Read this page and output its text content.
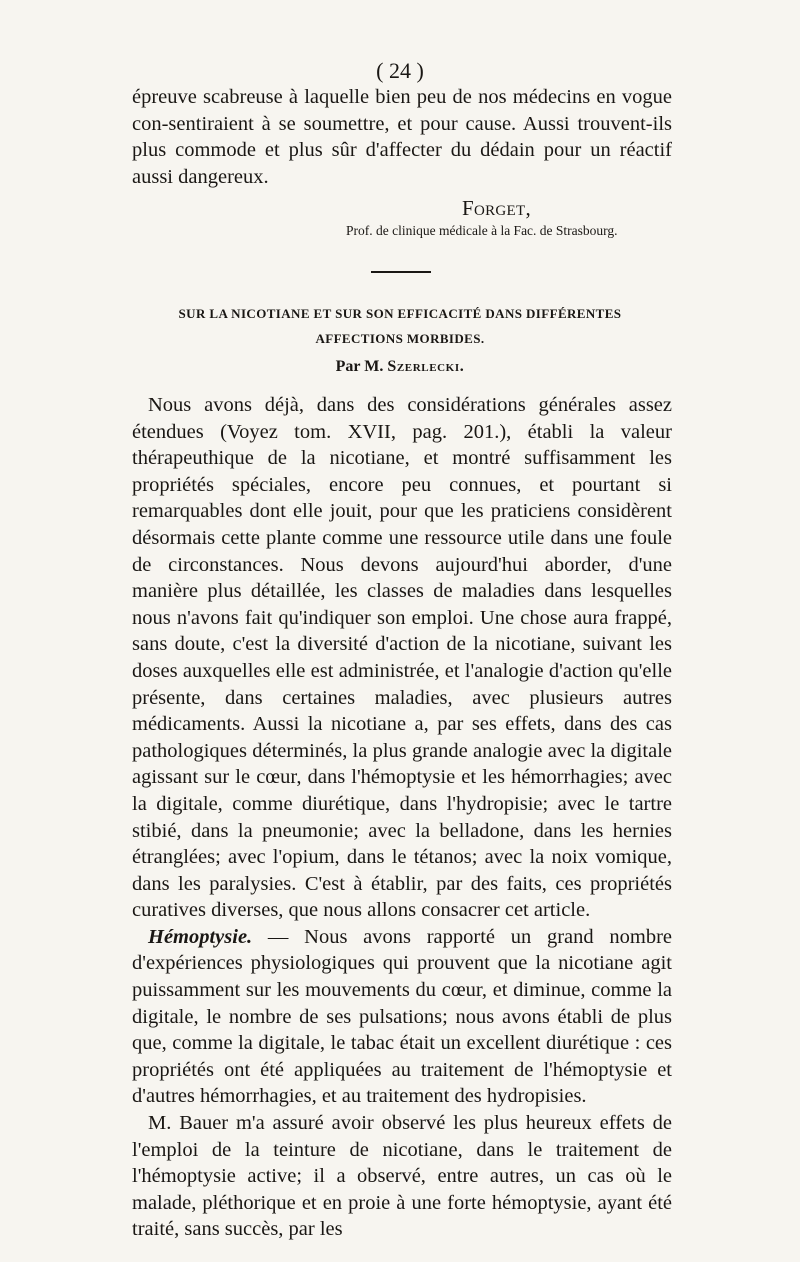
( 24 )

épreuve scabreuse à laquelle bien peu de nos médecins en vogue con-sentiraient à se soumettre, et pour cause. Aussi trouvent-ils plus commode et plus sûr d'affecter du dédain pour un réactif aussi dangereux.

Forget,
Prof. de clinique médicale à la Fac. de Strasbourg.
SUR LA NICOTIANE ET SUR SON EFFICACITÉ DANS DIFFÉRENTES
AFFECTIONS MORBIDES.
Par M. Szerlecki.

Nous avons déjà, dans des considérations générales assez étendues (Voyez tom. XVII, pag. 201.), établi la valeur thérapeuthique de la nicotiane, et montré suffisamment les propriétés spéciales, encore peu connues, et pourtant si remarquables dont elle jouit, pour que les praticiens considèrent désormais cette plante comme une ressource utile dans une foule de circonstances. Nous devons aujourd'hui aborder, d'une manière plus détaillée, les classes de maladies dans lesquelles nous n'avons fait qu'indiquer son emploi. Une chose aura frappé, sans doute, c'est la diversité d'action de la nicotiane, suivant les doses auxquelles elle est administrée, et l'analogie d'action qu'elle présente, dans certaines maladies, avec plusieurs autres médicaments. Aussi la nicotiane a, par ses effets, dans des cas pathologiques déterminés, la plus grande analogie avec la digitale agissant sur le cœur, dans l'hémoptysie et les hémorrhagies; avec la digitale, comme diurétique, dans l'hydropisie; avec le tartre stibié, dans la pneumonie; avec la belladone, dans les hernies étranglées; avec l'opium, dans le tétanos; avec la noix vomique, dans les paralysies. C'est à établir, par des faits, ces propriétés curatives diverses, que nous allons consacrer cet article.

Hémoptysie. — Nous avons rapporté un grand nombre d'expériences physiologiques qui prouvent que la nicotiane agit puissamment sur les mouvements du cœur, et diminue, comme la digitale, le nombre de ses pulsations; nous avons établi de plus que, comme la digitale, le tabac était un excellent diurétique : ces propriétés ont été appliquées au traitement de l'hémoptysie et d'autres hémorrhagies, et au traitement des hydropisies.

M. Bauer m'a assuré avoir observé les plus heureux effets de l'emploi de la teinture de nicotiane, dans le traitement de l'hémoptysie active; il a observé, entre autres, un cas où le malade, pléthorique et en proie à une forte hémoptysie, ayant été traité, sans succès, par les
